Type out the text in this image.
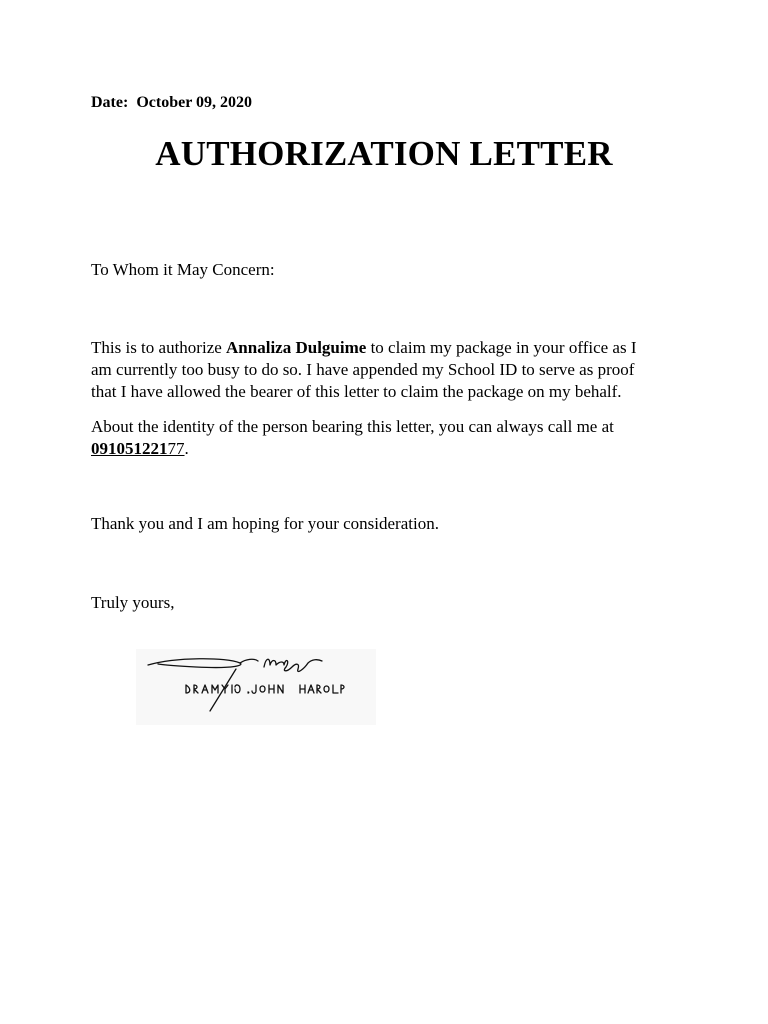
Date: October 09, 2020
AUTHORIZATION LETTER
To Whom it May Concern:
This is to authorize Annaliza Dulguime to claim my package in your office as I
am currently too busy to do so. I have appended my School ID to serve as proof
that I have allowed the bearer of this letter to claim the package on my behalf.
About the identity of the person bearing this letter, you can always call me at
09105122177.
Thank you and I am hoping for your consideration.
Truly yours,
